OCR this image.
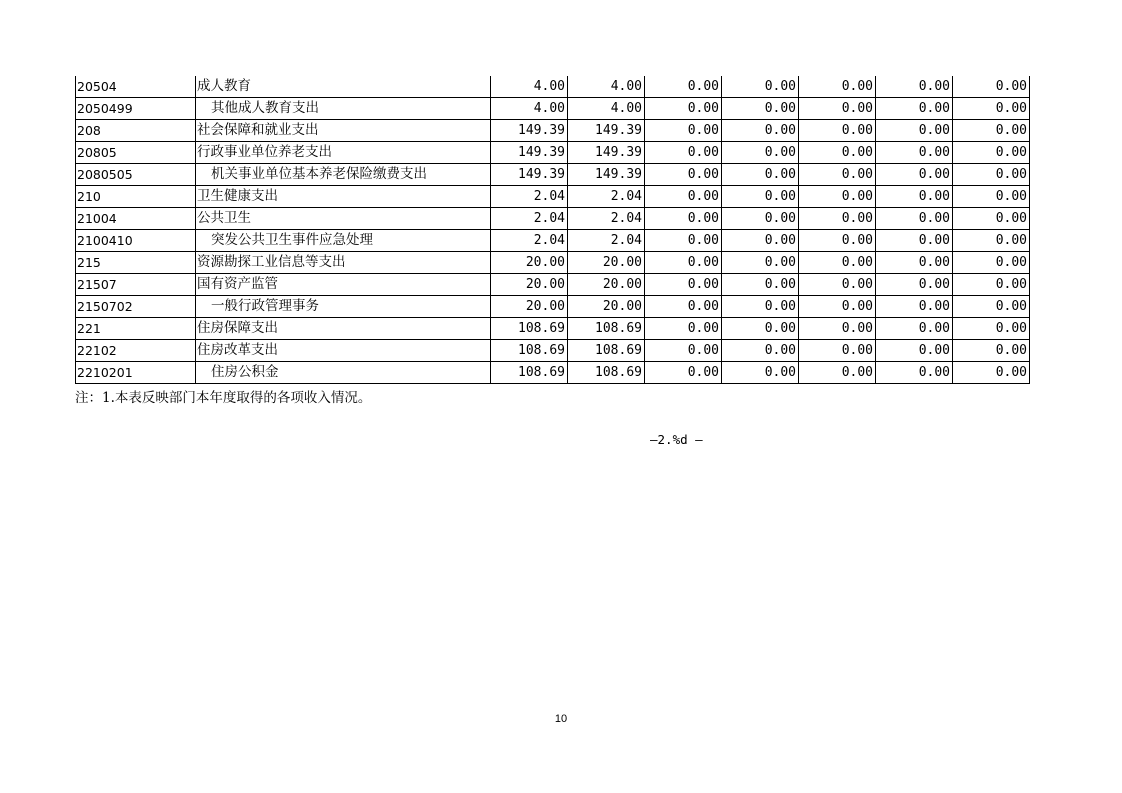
20504	成人教育	4.00	4.00	0.00	0.00	0.00	0.00	0.00
2050499	其他成人教育支出	4.00	4.00	0.00	0.00	0.00	0.00	0.00
208	社会保障和就业支出	149.39	149.39	0.00	0.00	0.00	0.00	0.00
20805	行政事业单位养老支出	149.39	149.39	0.00	0.00	0.00	0.00	0.00
2080505	机关事业单位基本养老保险缴费支出	149.39	149.39	0.00	0.00	0.00	0.00	0.00
210	卫生健康支出	2.04	2.04	0.00	0.00	0.00	0.00	0.00
21004	公共卫生	2.04	2.04	0.00	0.00	0.00	0.00	0.00
2100410	突发公共卫生事件应急处理	2.04	2.04	0.00	0.00	0.00	0.00	0.00
215	资源勘探工业信息等支出	20.00	20.00	0.00	0.00	0.00	0.00	0.00
21507	国有资产监管	20.00	20.00	0.00	0.00	0.00	0.00	0.00
2150702	一般行政管理事务	20.00	20.00	0.00	0.00	0.00	0.00	0.00
221	住房保障支出	108.69	108.69	0.00	0.00	0.00	0.00	0.00
22102	住房改革支出	108.69	108.69	0.00	0.00	0.00	0.00	0.00
2210201	住房公积金	108.69	108.69	0.00	0.00	0.00	0.00	0.00
注：1.本表反映部门本年度取得的各项收入情况。
—2.%d —
10
